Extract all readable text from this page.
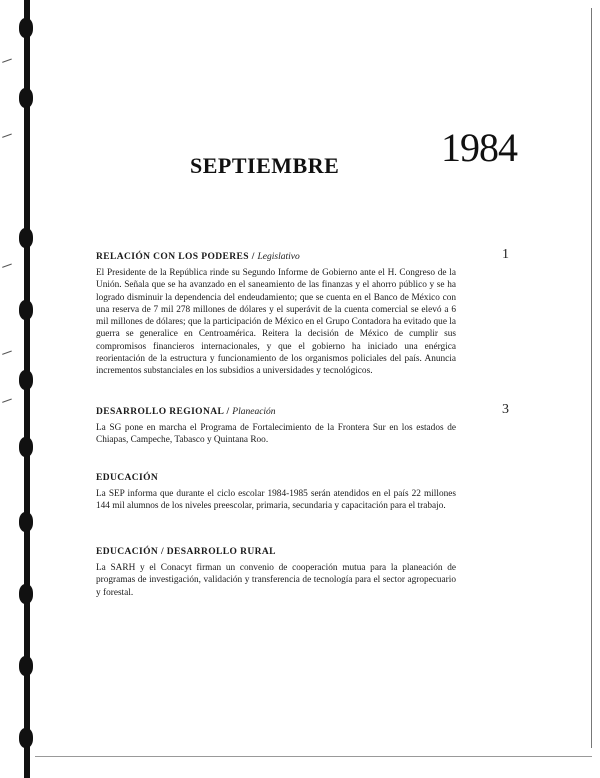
1984
SEPTIEMBRE
1

RELACIÓN CON LOS PODERES / Legislativo

El Presidente de la República rinde su Segundo Informe de Gobierno ante el H. Congreso de la Unión. Señala que se ha avanzado en el saneamiento de las finanzas y el ahorro público y se ha logrado disminuir la dependencia del endeudamiento; que se cuenta en el Banco de México con una reserva de 7 mil 278 millones de dólares y el superávit de la cuenta comercial se elevó a 6 mil millones de dólares; que la participación de México en el Grupo Contadora ha evitado que la guerra se generalice en Centroamérica. Reitera la decisión de México de cumplir sus compromisos financieros internacionales, y que el gobierno ha iniciado una enérgica reorientación de la estructura y funcionamiento de los organismos policiales del país. Anuncia incrementos substanciales en los subsidios a universidades y tecnológicos.

3

DESARROLLO REGIONAL / Planeación

La SG pone en marcha el Programa de Fortalecimiento de la Frontera Sur en los estados de Chiapas, Campeche, Tabasco y Quintana Roo.

EDUCACIÓN

La SEP informa que durante el ciclo escolar 1984-1985 serán atendidos en el país 22 millones 144 mil alumnos de los niveles preescolar, primaria, secundaria y capacitación para el trabajo.

EDUCACIÓN / DESARROLLO RURAL

La SARH y el Conacyt firman un convenio de cooperación mutua para la planeación de programas de investigación, validación y transferencia de tecnología para el sector agropecuario y forestal.
